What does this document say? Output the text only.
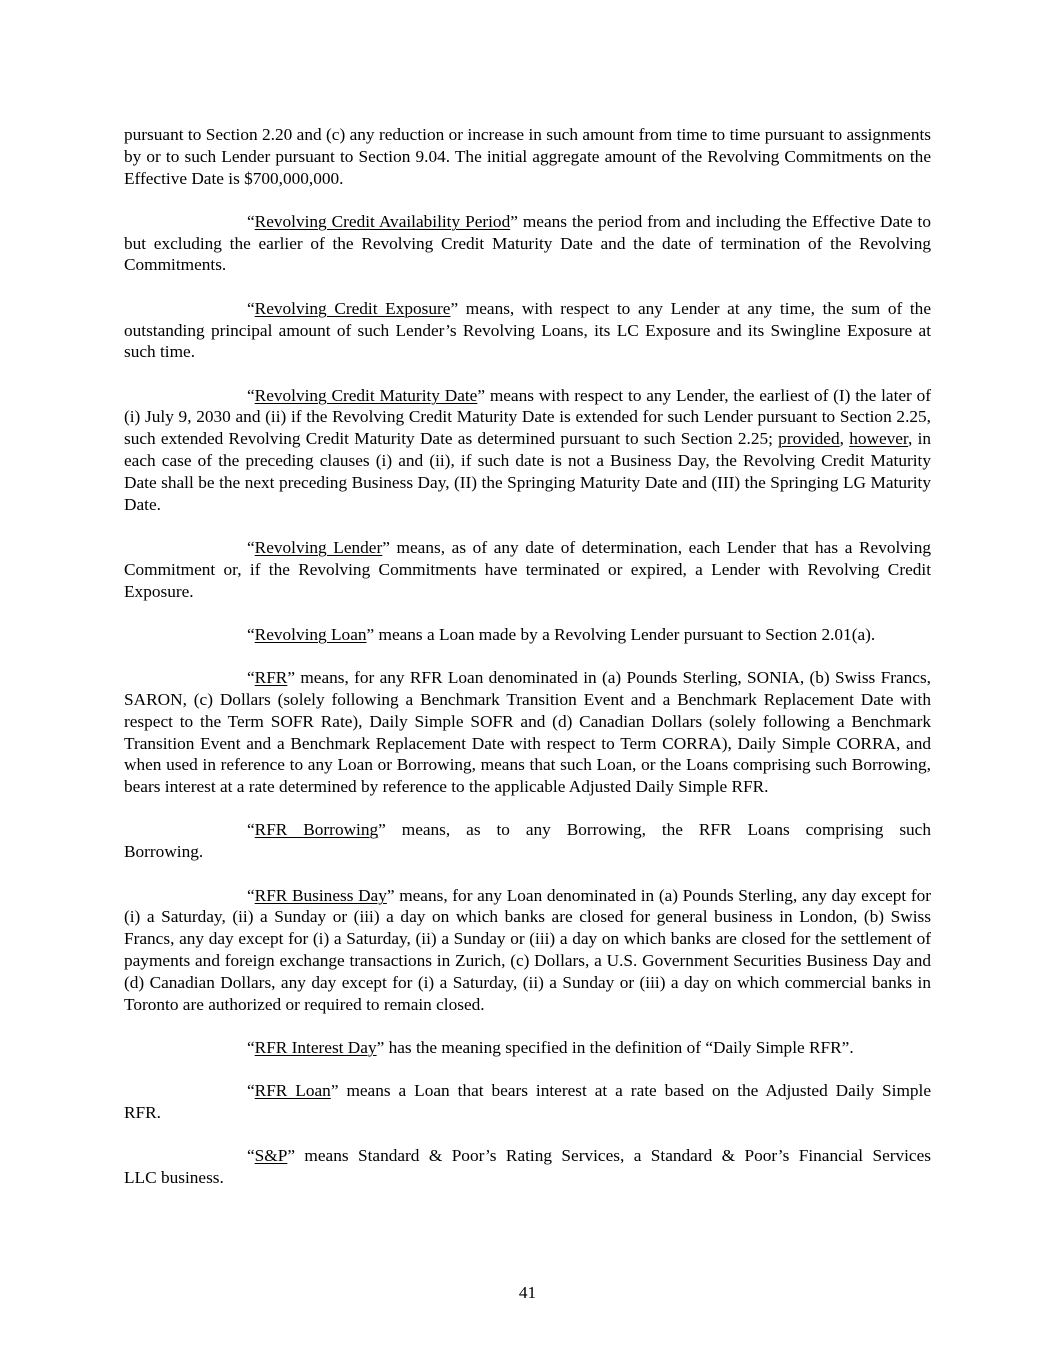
pursuant to Section 2.20 and (c) any reduction or increase in such amount from time to time pursuant to assignments by or to such Lender pursuant to Section 9.04. The initial aggregate amount of the Revolving Commitments on the Effective Date is $700,000,000.

“Revolving Credit Availability Period” means the period from and including the Effective Date to but excluding the earlier of the Revolving Credit Maturity Date and the date of termination of the Revolving Commitments.

“Revolving Credit Exposure” means, with respect to any Lender at any time, the sum of the outstanding principal amount of such Lender’s Revolving Loans, its LC Exposure and its Swingline Exposure at such time.

“Revolving Credit Maturity Date” means with respect to any Lender, the earliest of (I) the later of (i) July 9, 2030 and (ii) if the Revolving Credit Maturity Date is extended for such Lender pursuant to Section 2.25, such extended Revolving Credit Maturity Date as determined pursuant to such Section 2.25; provided, however, in each case of the preceding clauses (i) and (ii), if such date is not a Business Day, the Revolving Credit Maturity Date shall be the next preceding Business Day, (II) the Springing Maturity Date and (III) the Springing LG Maturity Date.

“Revolving Lender” means, as of any date of determination, each Lender that has a Revolving Commitment or, if the Revolving Commitments have terminated or expired, a Lender with Revolving Credit Exposure.

“Revolving Loan” means a Loan made by a Revolving Lender pursuant to Section 2.01(a).

“RFR” means, for any RFR Loan denominated in (a) Pounds Sterling, SONIA, (b) Swiss Francs, SARON, (c) Dollars (solely following a Benchmark Transition Event and a Benchmark Replacement Date with respect to the Term SOFR Rate), Daily Simple SOFR and (d) Canadian Dollars (solely following a Benchmark Transition Event and a Benchmark Replacement Date with respect to Term CORRA), Daily Simple CORRA, and when used in reference to any Loan or Borrowing, means that such Loan, or the Loans comprising such Borrowing, bears interest at a rate determined by reference to the applicable Adjusted Daily Simple RFR.

“RFR Borrowing” means, as to any Borrowing, the RFR Loans comprising such

Borrowing.

“RFR Business Day” means, for any Loan denominated in (a) Pounds Sterling, any day except for (i) a Saturday, (ii) a Sunday or (iii) a day on which banks are closed for general business in London, (b) Swiss Francs, any day except for (i) a Saturday, (ii) a Sunday or (iii) a day on which banks are closed for the settlement of payments and foreign exchange transactions in Zurich, (c) Dollars, a U.S. Government Securities Business Day and (d) Canadian Dollars, any day except for (i) a Saturday, (ii) a Sunday or (iii) a day on which commercial banks in Toronto are authorized or required to remain closed.

“RFR Interest Day” has the meaning specified in the definition of “Daily Simple RFR”.

“RFR Loan” means a Loan that bears interest at a rate based on the Adjusted Daily Simple

RFR.

“S&P” means Standard & Poor’s Rating Services, a Standard & Poor’s Financial Services

LLC business.

41
